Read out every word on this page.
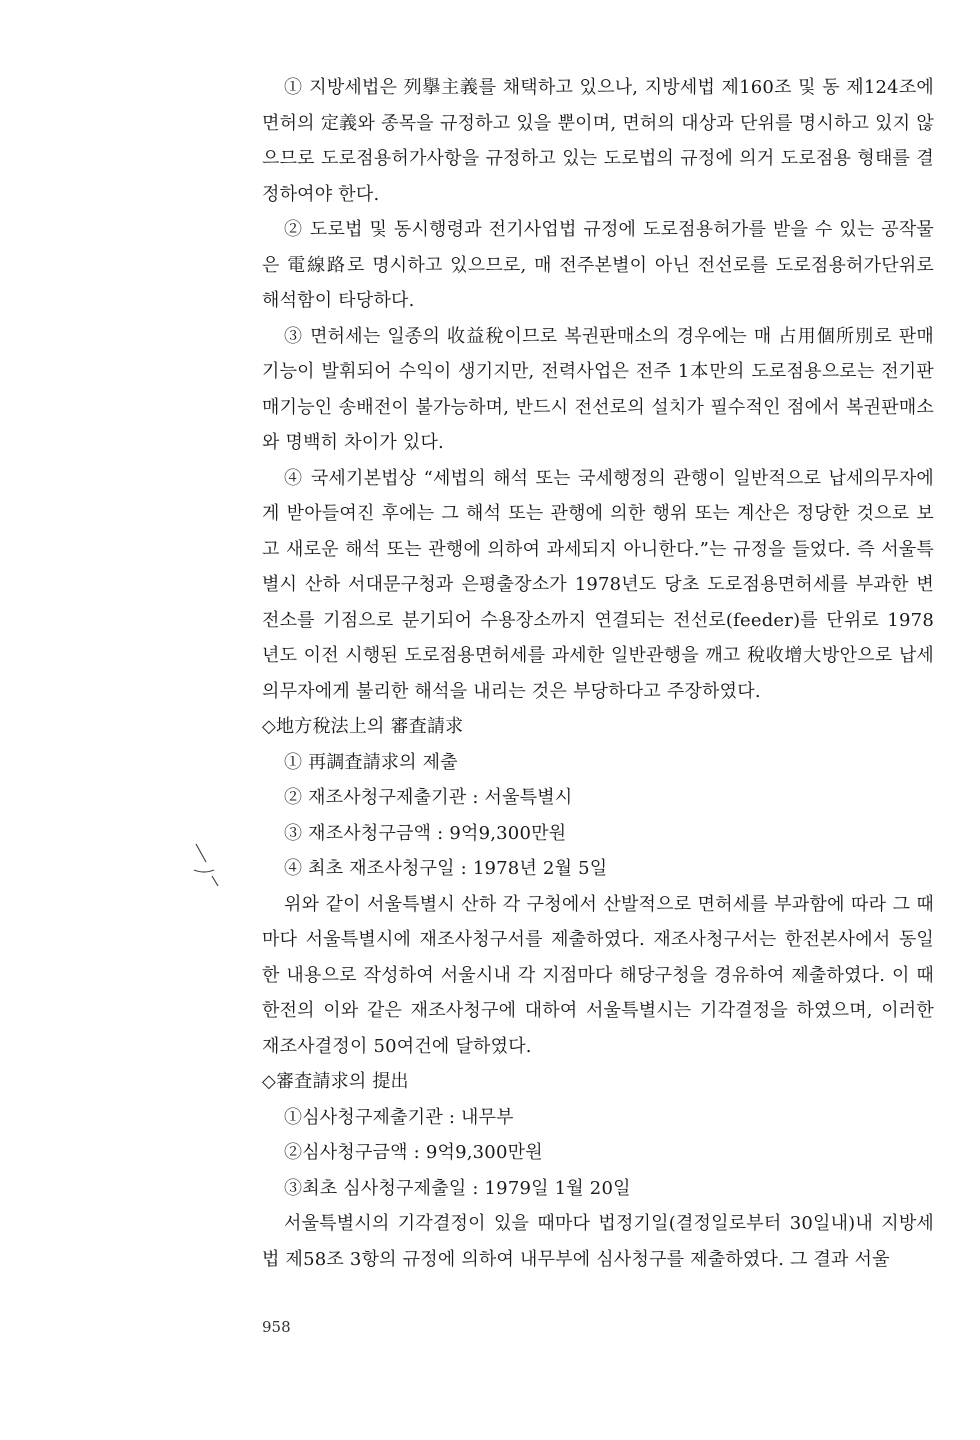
① 지방세법은 列擧主義를 채택하고 있으나, 지방세법 제160조 및 동 제124조에 면허의 定義와 종목을 규정하고 있을 뿐이며, 면허의 대상과 단위를 명시하고 있지 않으므로 도로점용허가사항을 규정하고 있는 도로법의 규정에 의거 도로점용 형태를 결정하여야 한다.

② 도로법 및 동시행령과 전기사업법 규정에 도로점용허가를 받을 수 있는 공작물은 電線路로 명시하고 있으므로, 매 전주본별이 아닌 전선로를 도로점용허가단위로 해석함이 타당하다.

③ 면허세는 일종의 收益稅이므로 복권판매소의 경우에는 매 占用個所別로 판매기능이 발휘되어 수익이 생기지만, 전력사업은 전주 1本만의 도로점용으로는 전기판매기능인 송배전이 불가능하며, 반드시 전선로의 설치가 필수적인 점에서 복권판매소와 명백히 차이가 있다.

④ 국세기본법상 “세법의 해석 또는 국세행정의 관행이 일반적으로 납세의무자에게 받아들여진 후에는 그 해석 또는 관행에 의한 행위 또는 계산은 정당한 것으로 보고 새로운 해석 또는 관행에 의하여 과세되지 아니한다.”는 규정을 들었다. 즉 서울특별시 산하 서대문구청과 은평출장소가 1978년도 당초 도로점용면허세를 부과한 변전소를 기점으로 분기되어 수용장소까지 연결되는 전선로(feeder)를 단위로 1978년도 이전 시행된 도로점용면허세를 과세한 일반관행을 깨고 稅收增大방안으로 납세의무자에게 불리한 해석을 내리는 것은 부당하다고 주장하였다.

◇地方稅法上의 審査請求

① 再調査請求의 제출
② 재조사청구제출기관 : 서울특별시
③ 재조사청구금액 : 9억9,300만원
④ 최초 재조사청구일 : 1978년 2월 5일

위와 같이 서울특별시 산하 각 구청에서 산발적으로 면허세를 부과함에 따라 그 때마다 서울특별시에 재조사청구서를 제출하였다. 재조사청구서는 한전본사에서 동일한 내용으로 작성하여 서울시내 각 지점마다 해당구청을 경유하여 제출하였다. 이 때 한전의 이와 같은 재조사청구에 대하여 서울특별시는 기각결정을 하였으며, 이러한 재조사결정이 50여건에 달하였다.

◇審査請求의 提出

①심사청구제출기관 : 내무부
②심사청구금액 : 9억9,300만원
③최초 심사청구제출일 : 1979일 1월 20일

서울특별시의 기각결정이 있을 때마다 법정기일(결정일로부터 30일내)내 지방세법 제58조 3항의 규정에 의하여 내무부에 심사청구를 제출하였다. 그 결과 서울

958
